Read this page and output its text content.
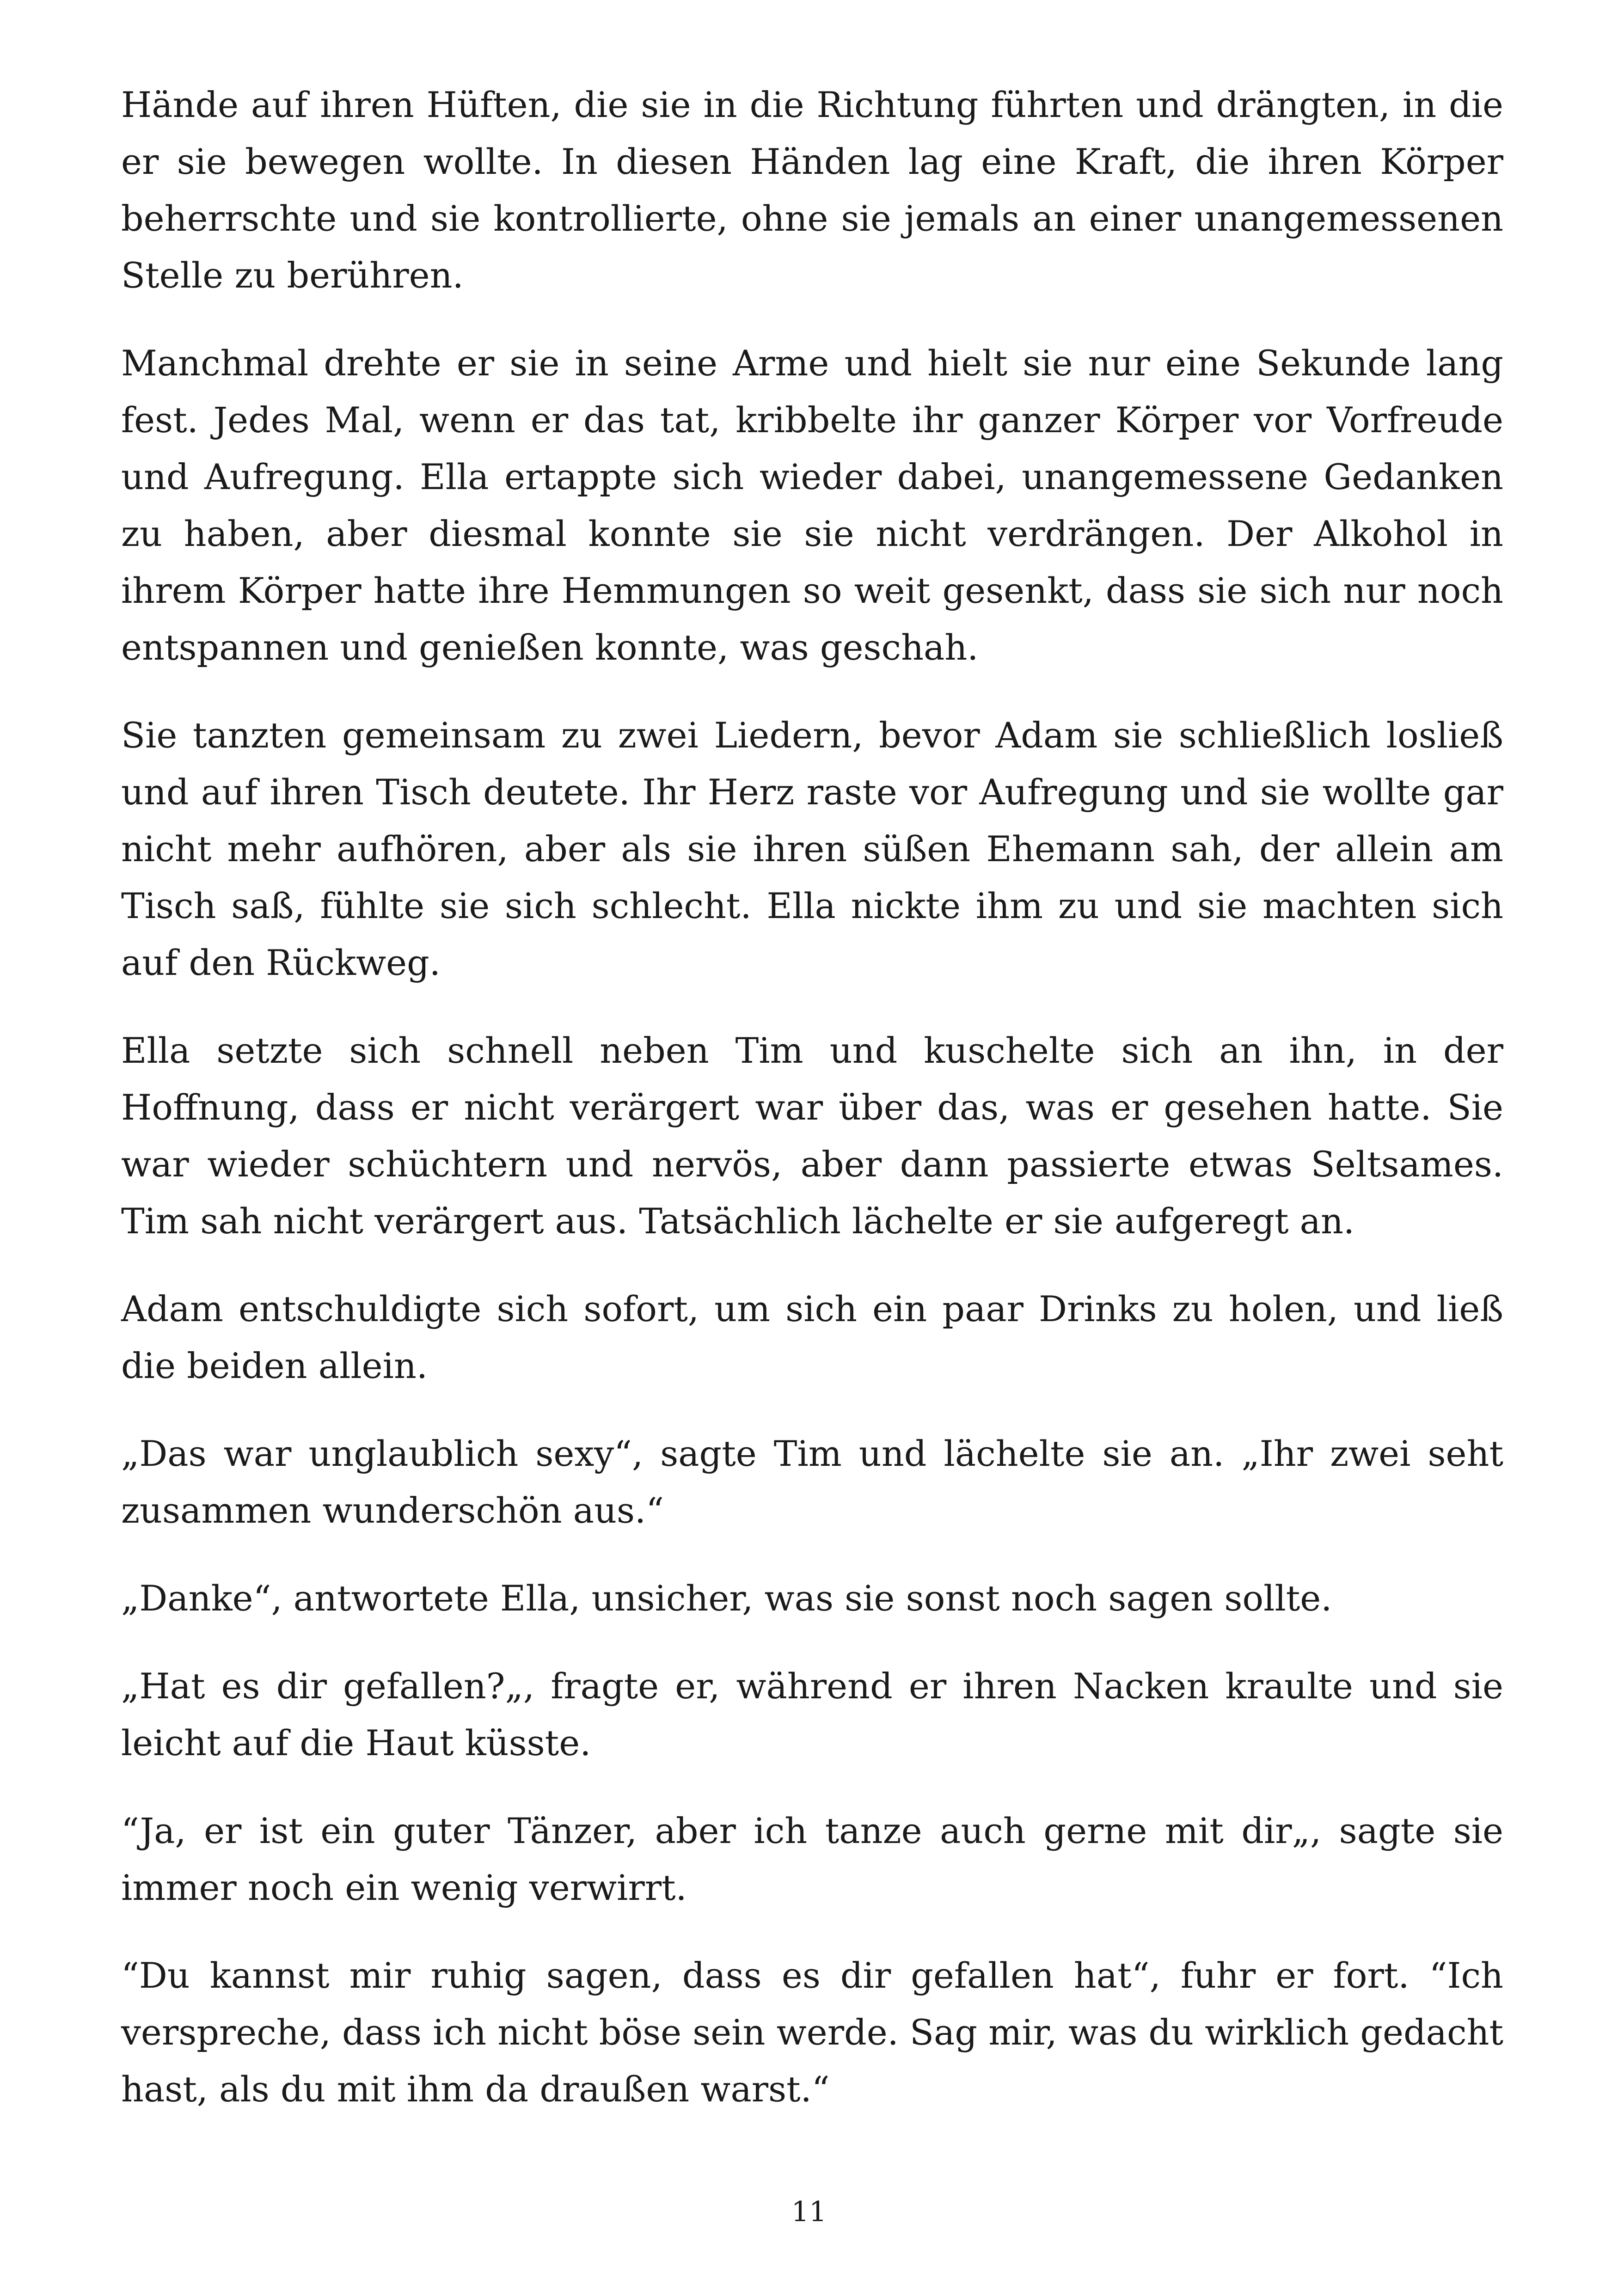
Hände auf ihren Hüften, die sie in die Richtung führten und drängten, in die er sie bewegen wollte. In diesen Händen lag eine Kraft, die ihren Körper beherrschte und sie kontrollierte, ohne sie jemals an einer unangemessenen Stelle zu berühren.

Manchmal drehte er sie in seine Arme und hielt sie nur eine Sekunde lang fest. Jedes Mal, wenn er das tat, kribbelte ihr ganzer Körper vor Vorfreude und Aufregung. Ella ertappte sich wieder dabei, unangemessene Gedanken zu haben, aber diesmal konnte sie sie nicht verdrängen. Der Alkohol in ihrem Körper hatte ihre Hemmungen so weit gesenkt, dass sie sich nur noch entspannen und genießen konnte, was geschah.

Sie tanzten gemeinsam zu zwei Liedern, bevor Adam sie schließlich losließ und auf ihren Tisch deutete. Ihr Herz raste vor Aufregung und sie wollte gar nicht mehr aufhören, aber als sie ihren süßen Ehemann sah, der allein am Tisch saß, fühlte sie sich schlecht. Ella nickte ihm zu und sie machten sich auf den Rückweg.

Ella setzte sich schnell neben Tim und kuschelte sich an ihn, in der Hoffnung, dass er nicht verärgert war über das, was er gesehen hatte. Sie war wieder schüchtern und nervös, aber dann passierte etwas Seltsames. Tim sah nicht verärgert aus. Tatsächlich lächelte er sie aufgeregt an.

Adam entschuldigte sich sofort, um sich ein paar Drinks zu holen, und ließ die beiden allein.

„Das war unglaublich sexy“, sagte Tim und lächelte sie an. „Ihr zwei seht zusammen wunderschön aus.“

„Danke“, antwortete Ella, unsicher, was sie sonst noch sagen sollte.

„Hat es dir gefallen?„, fragte er, während er ihren Nacken kraulte und sie leicht auf die Haut küsste.

“Ja, er ist ein guter Tänzer, aber ich tanze auch gerne mit dir„, sagte sie immer noch ein wenig verwirrt.

“Du kannst mir ruhig sagen, dass es dir gefallen hat“, fuhr er fort. “Ich verspreche, dass ich nicht böse sein werde. Sag mir, was du wirklich gedacht hast, als du mit ihm da draußen warst.“

11
